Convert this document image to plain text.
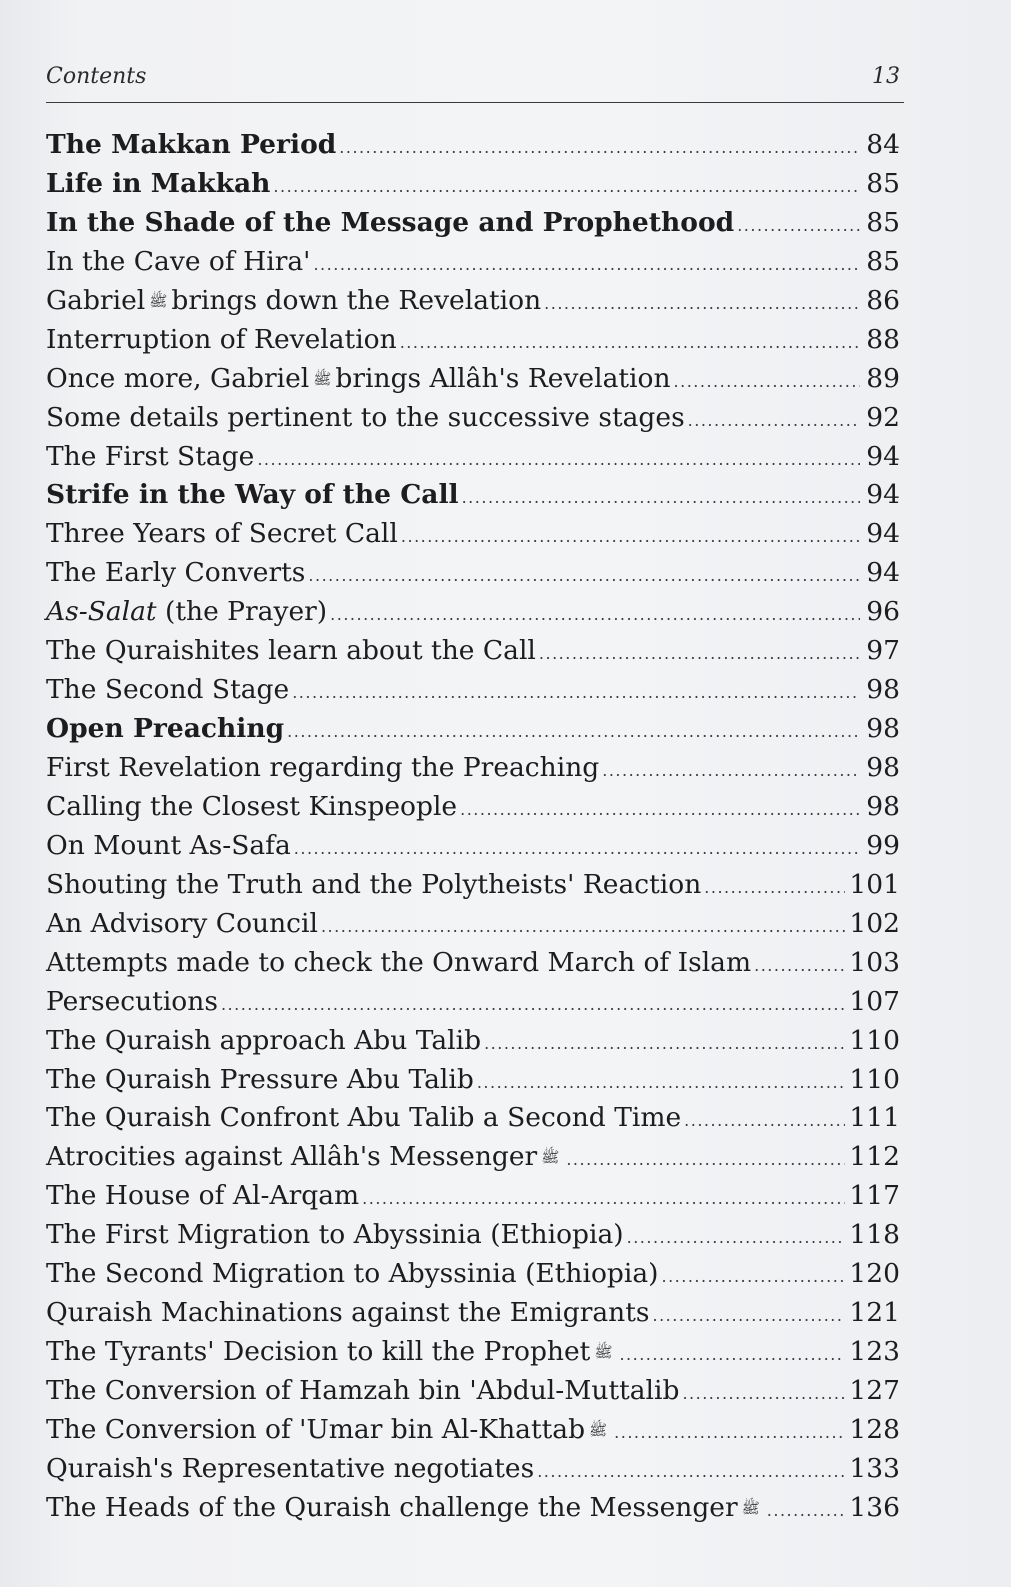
Contents	13
The Makkan Period .....	84
Life in Makkah .....	85
In the Shade of the Message and Prophethood .....	85
In the Cave of Hira' .....	85
Gabriel ﷺ brings down the Revelation .....	86
Interruption of Revelation .....	88
Once more, Gabriel ﷺ brings Allâh's Revelation .....	89
Some details pertinent to the successive stages .....	92
The First Stage .....	94
Strife in the Way of the Call .....	94
Three Years of Secret Call .....	94
The Early Converts .....	94
As-Salat (the Prayer) .....	96
The Quraishites learn about the Call .....	97
The Second Stage .....	98
Open Preaching .....	98
First Revelation regarding the Preaching .....	98
Calling the Closest Kinspeople .....	98
On Mount As-Safa .....	99
Shouting the Truth and the Polytheists' Reaction .....	101
An Advisory Council .....	102
Attempts made to check the Onward March of Islam .....	103
Persecutions .....	107
The Quraish approach Abu Talib .....	110
The Quraish Pressure Abu Talib .....	110
The Quraish Confront Abu Talib a Second Time .....	111
Atrocities against Allâh's Messenger ﷺ .....	112
The House of Al-Arqam .....	117
The First Migration to Abyssinia (Ethiopia) .....	118
The Second Migration to Abyssinia (Ethiopia) .....	120
Quraish Machinations against the Emigrants .....	121
The Tyrants' Decision to kill the Prophet ﷺ .....	123
The Conversion of Hamzah bin 'Abdul-Muttalib .....	127
The Conversion of 'Umar bin Al-Khattab ﷺ .....	128
Quraish's Representative negotiates .....	133
The Heads of the Quraish challenge the Messenger ﷺ .....	136
